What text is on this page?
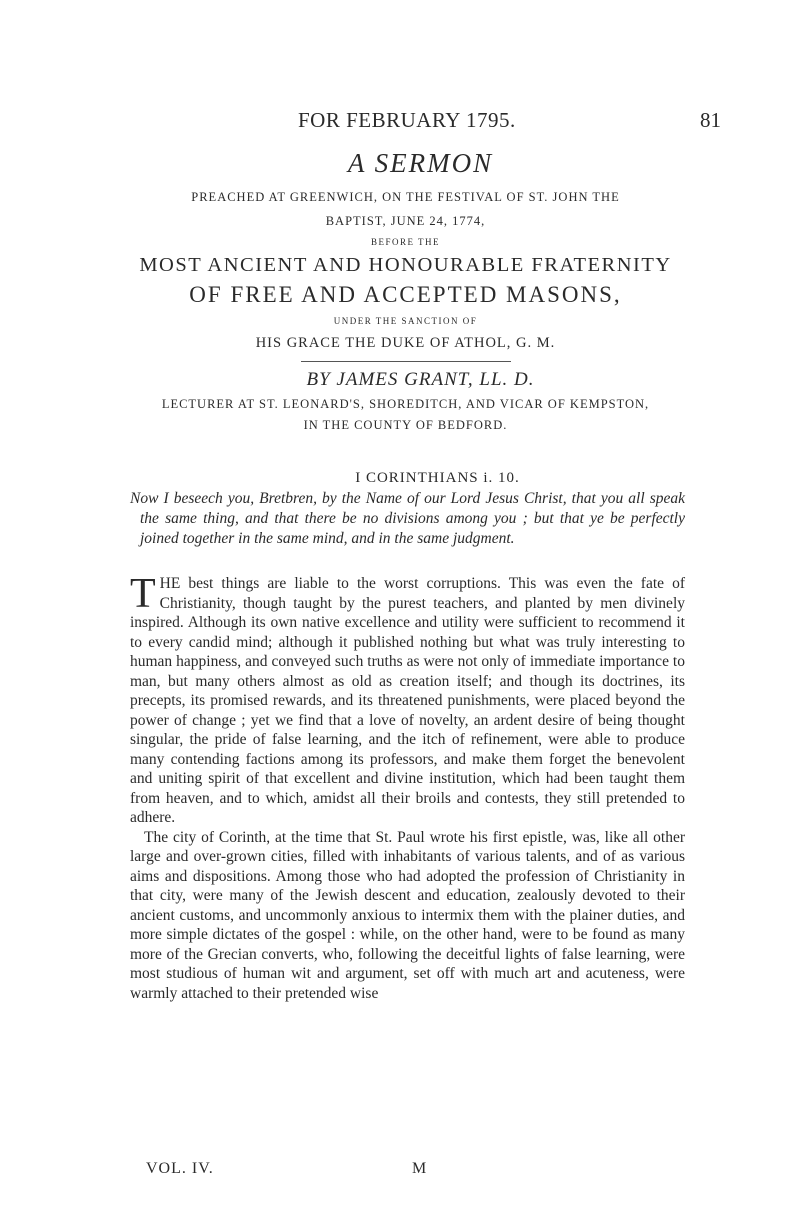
FOR FEBRUARY 1795.	81

A SERMON

PREACHED AT GREENWICH, ON THE FESTIVAL OF ST. JOHN THE

BAPTIST, JUNE 24, 1774,

BEFORE THE

MOST ANCIENT AND HONOURABLE FRATERNITY

OF FREE AND ACCEPTED MASONS,

UNDER THE SANCTION OF

HIS GRACE THE DUKE OF ATHOL, G. M.

BY JAMES GRANT, LL. D.

LECTURER AT ST. LEONARD'S, SHOREDITCH, AND VICAR OF KEMPSTON,

IN THE COUNTY OF BEDFORD.

I CORINTHIANS i. 10.

Now I beseech you, Bretbren, by the Name of our Lord Jesus Christ, that you all speak the same thing, and that there be no divisions among you ; but that ye be perfectly joined together in the same mind, and in the same judgment.

THE best things are liable to the worst corruptions. This was even the fate of Christianity, though taught by the purest teachers, and planted by men divinely inspired. Although its own native excellence and utility were sufficient to recommend it to every candid mind; although it published nothing but what was truly interesting to human happiness, and conveyed such truths as were not only of immediate importance to man, but many others almost as old as creation itself; and though its doctrines, its precepts, its promised rewards, and its threatened punishments, were placed beyond the power of change ; yet we find that a love of novelty, an ardent desire of being thought singular, the pride of false learning, and the itch of refinement, were able to produce many contending factions among its professors, and make them forget the benevolent and uniting spirit of that excellent and divine institution, which had been taught them from heaven, and to which, amidst all their broils and contests, they still pretended to adhere.

The city of Corinth, at the time that St. Paul wrote his first epistle, was, like all other large and over-grown cities, filled with inhabitants of various talents, and of as various aims and dispositions. Among those who had adopted the profession of Christianity in that city, were many of the Jewish descent and education, zealously devoted to their ancient customs, and uncommonly anxious to intermix them with the plainer duties, and more simple dictates of the gospel : while, on the other hand, were to be found as many more of the Grecian converts, who, following the deceitful lights of false learning, were most studious of human wit and argument, set off with much art and acuteness, were warmly attached to their pretended wise

VOL. IV.	M
